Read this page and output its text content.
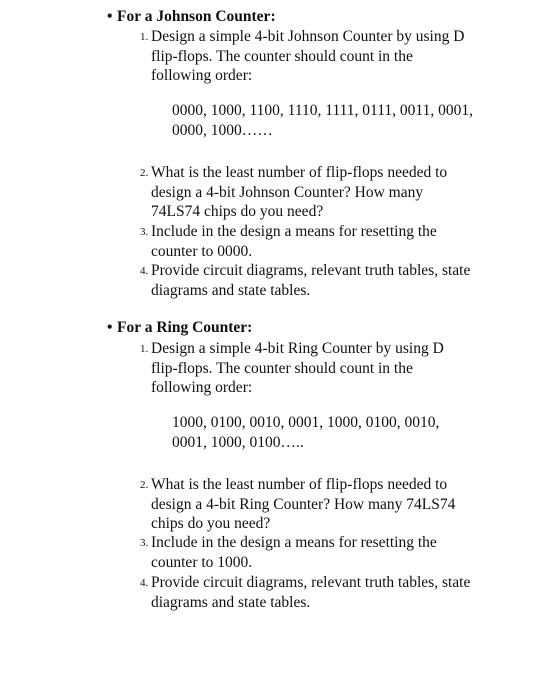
• For a Johnson Counter:
1. Design a simple 4-bit Johnson Counter by using D
flip-flops. The counter should count in the
following order:
0000, 1000, 1100, 1110, 1111, 0111, 0011, 0001,
0000, 1000……
2. What is the least number of flip-flops needed to
design a 4-bit Johnson Counter? How many
74LS74 chips do you need?
3. Include in the design a means for resetting the
counter to 0000.
4. Provide circuit diagrams, relevant truth tables, state
diagrams and state tables.
• For a Ring Counter:
1. Design a simple 4-bit Ring Counter by using D
flip-flops. The counter should count in the
following order:
1000, 0100, 0010, 0001, 1000, 0100, 0010,
0001, 1000, 0100…..
2. What is the least number of flip-flops needed to
design a 4-bit Ring Counter? How many 74LS74
chips do you need?
3. Include in the design a means for resetting the
counter to 1000.
4. Provide circuit diagrams, relevant truth tables, state
diagrams and state tables.
